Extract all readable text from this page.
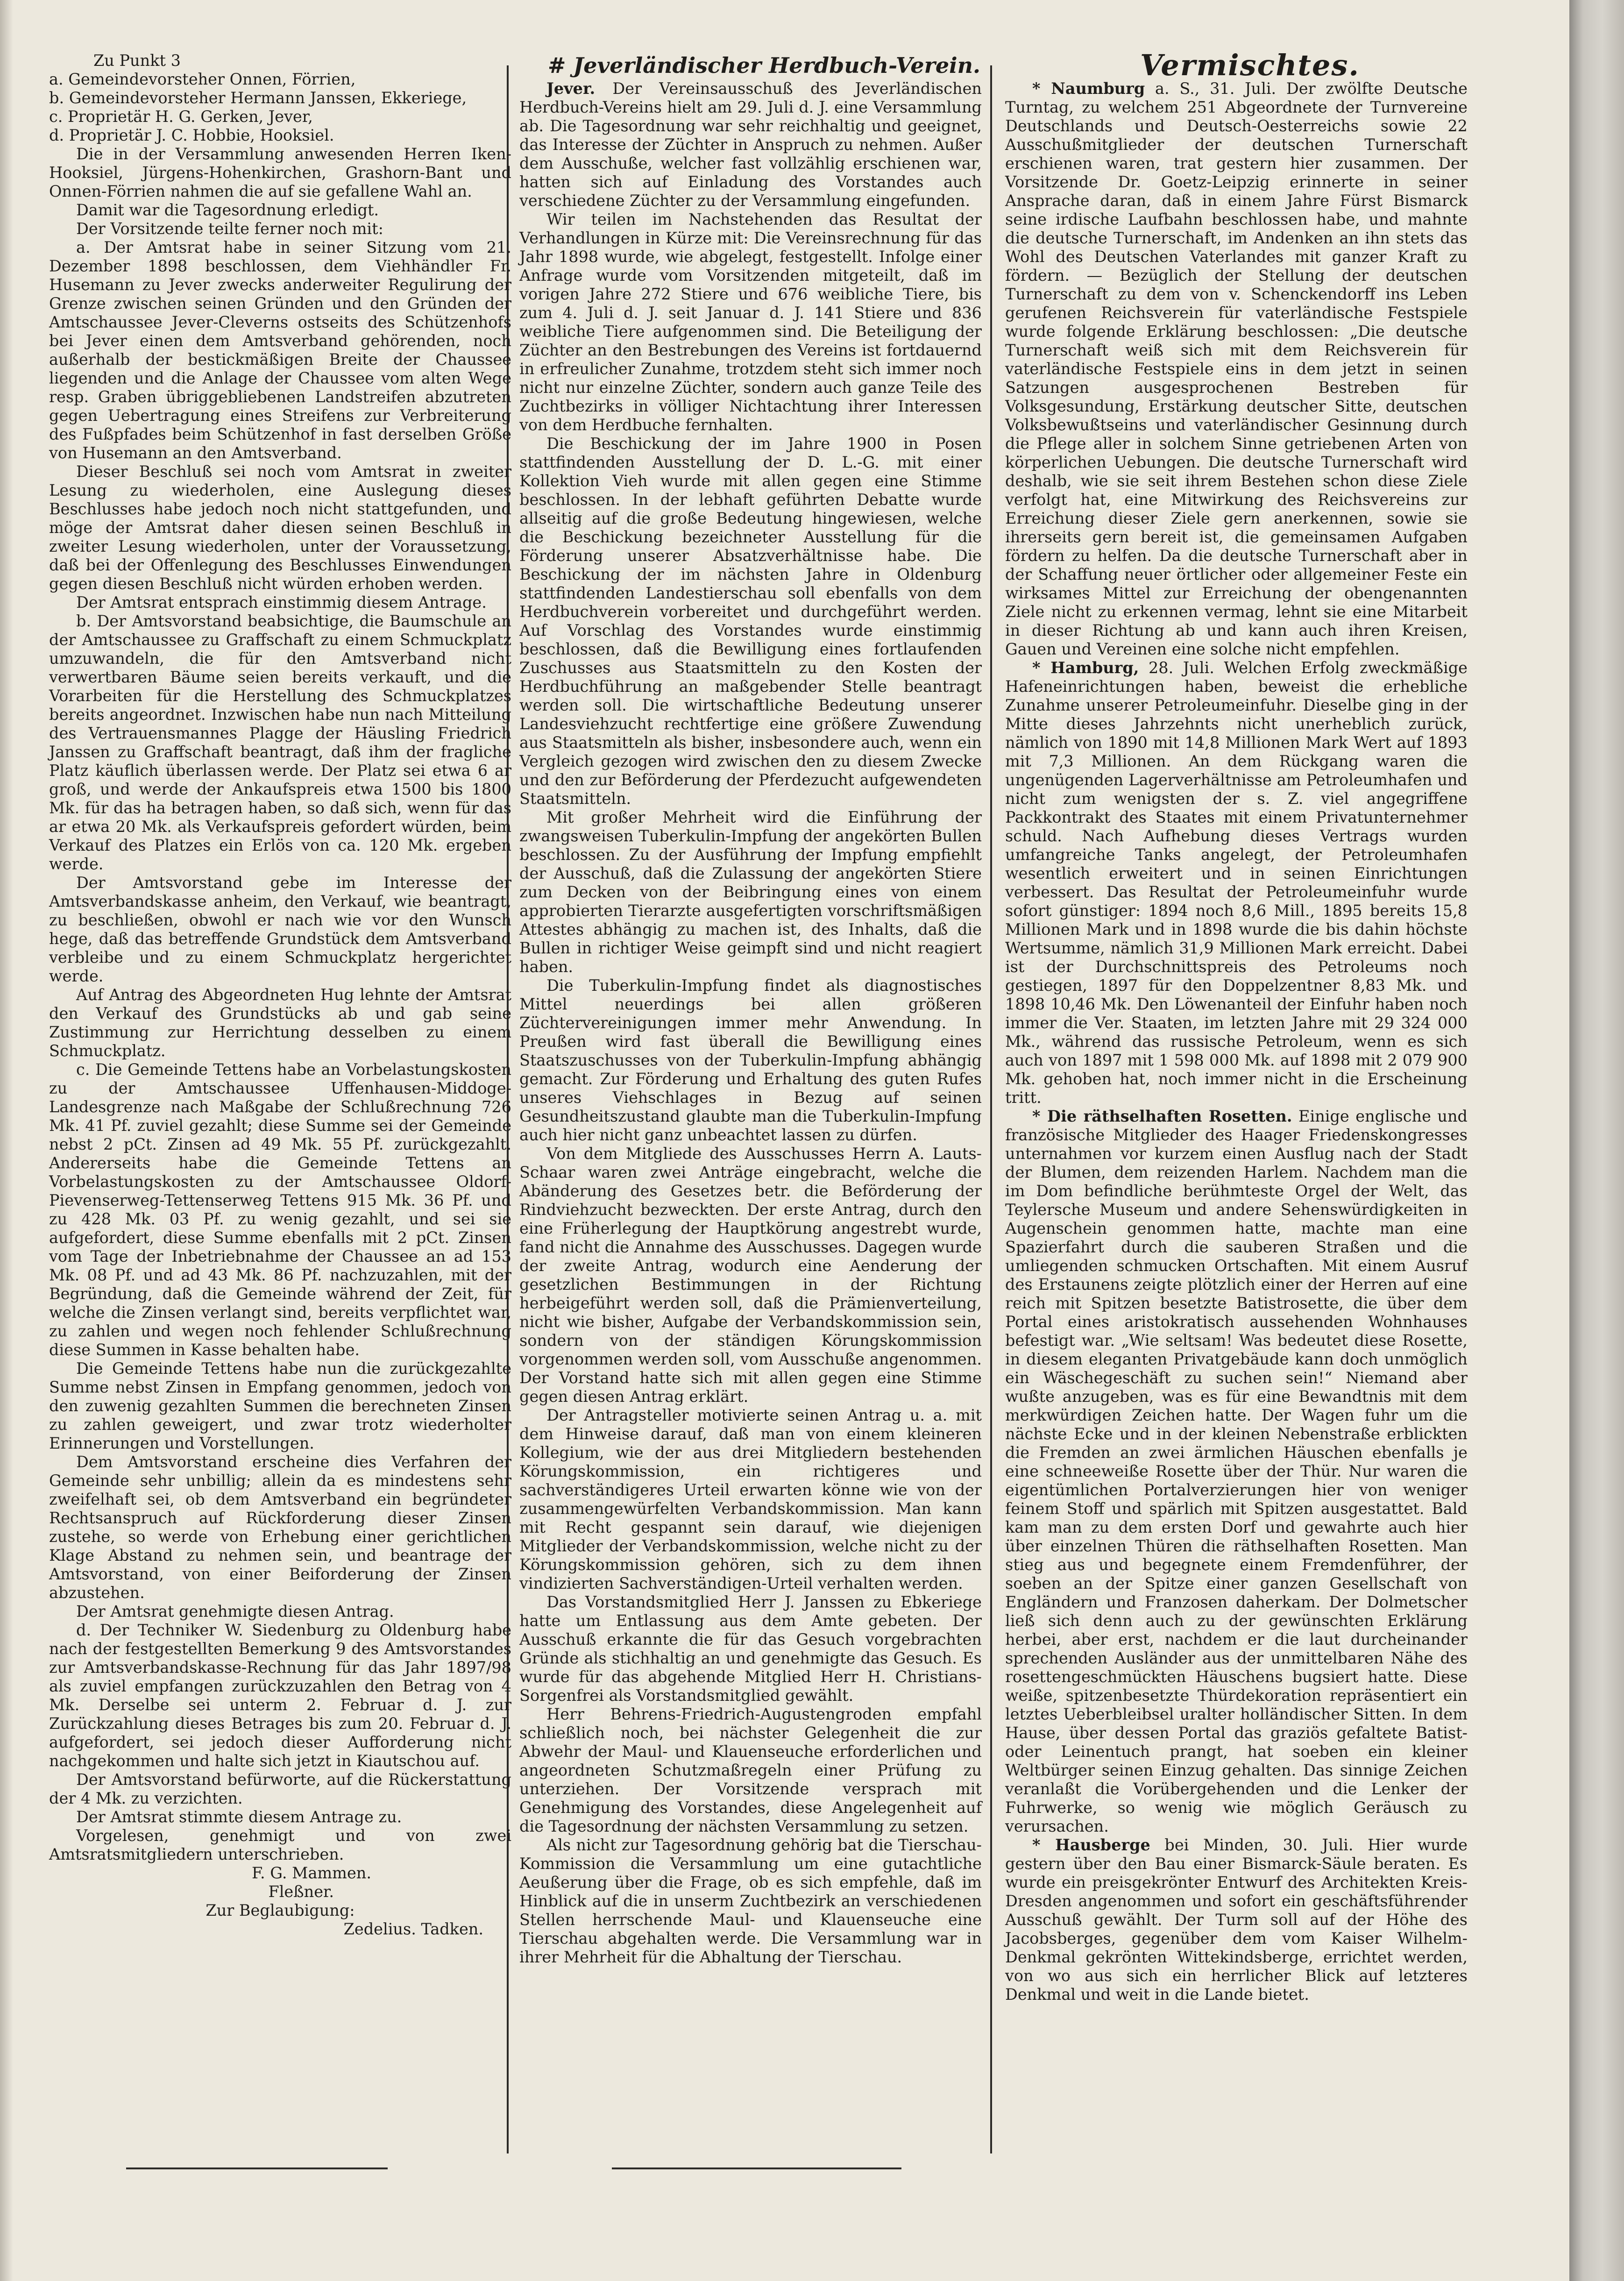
Zu Punkt 3

a. Gemeindevorsteher Onnen, Förrien,

b. Gemeindevorsteher Hermann Janssen, Ekkeriege,

c. Proprietär H. G. Gerken, Jever,

d. Proprietär J. C. Hobbie, Hooksiel.

Die in der Versammlung anwesenden Herren Iken-Hooksiel, Jürgens-Hohenkirchen, Grashorn-Bant und Onnen-Förrien nahmen die auf sie gefallene Wahl an.

Damit war die Tagesordnung erledigt.

Der Vorsitzende teilte ferner noch mit:

a. Der Amtsrat habe in seiner Sitzung vom 21. Dezember 1898 beschlossen, dem Viehhändler Fr. Husemann zu Jever zwecks anderweiter Regulirung der Grenze zwischen seinen Gründen und den Gründen der Amtschaussee Jever-Cleverns ostseits des Schützenhofs bei Jever einen dem Amtsverband gehörenden, noch außerhalb der bestickmäßigen Breite der Chaussee liegenden und die Anlage der Chaussee vom alten Wege resp. Graben übriggebliebenen Landstreifen abzutreten gegen Uebertragung eines Streifens zur Verbreiterung des Fußpfades beim Schützenhof in fast derselben Größe von Husemann an den Amtsverband.

Dieser Beschluß sei noch vom Amtsrat in zweiter Lesung zu wiederholen, eine Auslegung dieses Beschlusses habe jedoch noch nicht stattgefunden, und möge der Amtsrat daher diesen seinen Beschluß in zweiter Lesung wiederholen, unter der Voraussetzung, daß bei der Offenlegung des Beschlusses Einwendungen gegen diesen Beschluß nicht würden erhoben werden.

Der Amtsrat entsprach einstimmig diesem Antrage.

b. Der Amtsvorstand beabsichtige, die Baumschule an der Amtschaussee zu Graffschaft zu einem Schmuckplatz umzuwandeln, die für den Amtsverband nicht verwertbaren Bäume seien bereits verkauft, und die Vorarbeiten für die Herstellung des Schmuckplatzes bereits angeordnet. Inzwischen habe nun nach Mitteilung des Vertrauensmannes Plagge der Häusling Friedrich Janssen zu Graffschaft beantragt, daß ihm der fragliche Platz käuflich überlassen werde. Der Platz sei etwa 6 ar groß, und werde der Ankaufspreis etwa 1500 bis 1800 Mk. für das ha betragen haben, so daß sich, wenn für das ar etwa 20 Mk. als Verkaufspreis gefordert würden, beim Verkauf des Platzes ein Erlös von ca. 120 Mk. ergeben werde.

Der Amtsvorstand gebe im Interesse der Amtsverbandskasse anheim, den Verkauf, wie beantragt, zu beschließen, obwohl er nach wie vor den Wunsch hege, daß das betreffende Grundstück dem Amtsverband verbleibe und zu einem Schmuckplatz hergerichtet werde.

Auf Antrag des Abgeordneten Hug lehnte der Amtsrat den Verkauf des Grundstücks ab und gab seine Zustimmung zur Herrichtung desselben zu einem Schmuckplatz.

c. Die Gemeinde Tettens habe an Vorbelastungskosten zu der Amtschaussee Uffenhausen-Middoge-Landesgrenze nach Maßgabe der Schlußrechnung 726 Mk. 41 Pf. zuviel gezahlt; diese Summe sei der Gemeinde nebst 2 pCt. Zinsen ad 49 Mk. 55 Pf. zurückgezahlt. Andererseits habe die Gemeinde Tettens an Vorbelastungskosten zu der Amtschaussee Oldorf-Pievenserweg-Tettenserweg Tettens 915 Mk. 36 Pf. und zu 428 Mk. 03 Pf. zu wenig gezahlt, und sei sie aufgefordert, diese Summe ebenfalls mit 2 pCt. Zinsen vom Tage der Inbetriebnahme der Chaussee an ad 153 Mk. 08 Pf. und ad 43 Mk. 86 Pf. nachzuzahlen, mit der Begründung, daß die Gemeinde während der Zeit, für welche die Zinsen verlangt sind, bereits verpflichtet war, zu zahlen und wegen noch fehlender Schlußrechnung diese Summen in Kasse behalten habe.

Die Gemeinde Tettens habe nun die zurückgezahlte Summe nebst Zinsen in Empfang genommen, jedoch von den zuwenig gezahlten Summen die berechneten Zinsen zu zahlen geweigert, und zwar trotz wiederholter Erinnerungen und Vorstellungen.

Dem Amtsvorstand erscheine dies Verfahren der Gemeinde sehr unbillig; allein da es mindestens sehr zweifelhaft sei, ob dem Amtsverband ein begründeter Rechtsanspruch auf Rückforderung dieser Zinsen zustehe, so werde von Erhebung einer gerichtlichen Klage Abstand zu nehmen sein, und beantrage der Amtsvorstand, von einer Beiforderung der Zinsen abzustehen.

Der Amtsrat genehmigte diesen Antrag.

d. Der Techniker W. Siedenburg zu Oldenburg habe nach der festgestellten Bemerkung 9 des Amtsvorstandes zur Amtsverbandskasse-Rechnung für das Jahr 1897/98 als zuviel empfangen zurückzuzahlen den Betrag von 4 Mk. Derselbe sei unterm 2. Februar d. J. zur Zurückzahlung dieses Betrages bis zum 20. Februar d. J. aufgefordert, sei jedoch dieser Aufforderung nicht nachgekommen und halte sich jetzt in Kiautschou auf.

Der Amtsvorstand befürworte, auf die Rückerstattung der 4 Mk. zu verzichten.

Der Amtsrat stimmte diesem Antrage zu.

Vorgelesen, genehmigt und von zwei Amtsratsmitgliedern unterschrieben.

F. G. Mammen.

Fleßner.

Zur Beglaubigung:

Zedelius. Tadken.

# Jeverländischer Herdbuch-Verein.

Jever. Der Vereinsausschuß des Jeverländischen Herdbuch-Vereins hielt am 29. Juli d. J. eine Versammlung ab. Die Tagesordnung war sehr reichhaltig und geeignet, das Interesse der Züchter in Anspruch zu nehmen. Außer dem Ausschuße, welcher fast vollzählig erschienen war, hatten sich auf Einladung des Vorstandes auch verschiedene Züchter zu der Versammlung eingefunden.

Wir teilen im Nachstehenden das Resultat der Verhandlungen in Kürze mit: Die Vereinsrechnung für das Jahr 1898 wurde, wie abgelegt, festgestellt. Infolge einer Anfrage wurde vom Vorsitzenden mitgeteilt, daß im vorigen Jahre 272 Stiere und 676 weibliche Tiere, bis zum 4. Juli d. J. seit Januar d. J. 141 Stiere und 836 weibliche Tiere aufgenommen sind. Die Beteiligung der Züchter an den Bestrebungen des Vereins ist fortdauernd in erfreulicher Zunahme, trotzdem steht sich immer noch nicht nur einzelne Züchter, sondern auch ganze Teile des Zuchtbezirks in völliger Nichtachtung ihrer Interessen von dem Herdbuche fernhalten.

Die Beschickung der im Jahre 1900 in Posen stattfindenden Ausstellung der D. L.-G. mit einer Kollektion Vieh wurde mit allen gegen eine Stimme beschlossen. In der lebhaft geführten Debatte wurde allseitig auf die große Bedeutung hingewiesen, welche die Beschickung bezeichneter Ausstellung für die Förderung unserer Absatzverhältnisse habe. Die Beschickung der im nächsten Jahre in Oldenburg stattfindenden Landestierschau soll ebenfalls von dem Herdbuchverein vorbereitet und durchgeführt werden. Auf Vorschlag des Vorstandes wurde einstimmig beschlossen, daß die Bewilligung eines fortlaufenden Zuschusses aus Staatsmitteln zu den Kosten der Herdbuchführung an maßgebender Stelle beantragt werden soll. Die wirtschaftliche Bedeutung unserer Landesviehzucht rechtfertige eine größere Zuwendung aus Staatsmitteln als bisher, insbesondere auch, wenn ein Vergleich gezogen wird zwischen den zu diesem Zwecke und den zur Beförderung der Pferdezucht aufgewendeten Staatsmitteln.

Mit großer Mehrheit wird die Einführung der zwangsweisen Tuberkulin-Impfung der angekörten Bullen beschlossen. Zu der Ausführung der Impfung empfiehlt der Ausschuß, daß die Zulassung der angekörten Stiere zum Decken von der Beibringung eines von einem approbierten Tierarzte ausgefertigten vorschriftsmäßigen Attestes abhängig zu machen ist, des Inhalts, daß die Bullen in richtiger Weise geimpft sind und nicht reagiert haben.

Die Tuberkulin-Impfung findet als diagnostisches Mittel neuerdings bei allen größeren Züchtervereinigungen immer mehr Anwendung. In Preußen wird fast überall die Bewilligung eines Staatszuschusses von der Tuberkulin-Impfung abhängig gemacht. Zur Förderung und Erhaltung des guten Rufes unseres Viehschlages in Bezug auf seinen Gesundheitszustand glaubte man die Tuberkulin-Impfung auch hier nicht ganz unbeachtet lassen zu dürfen.

Von dem Mitgliede des Ausschusses Herrn A. Lauts-Schaar waren zwei Anträge eingebracht, welche die Abänderung des Gesetzes betr. die Beförderung der Rindviehzucht bezweckten. Der erste Antrag, durch den eine Früherlegung der Hauptkörung angestrebt wurde, fand nicht die Annahme des Ausschusses. Dagegen wurde der zweite Antrag, wodurch eine Aenderung der gesetzlichen Bestimmungen in der Richtung herbeigeführt werden soll, daß die Prämienverteilung, nicht wie bisher, Aufgabe der Verbandskommission sein, sondern von der ständigen Körungskommission vorgenommen werden soll, vom Ausschuße angenommen. Der Vorstand hatte sich mit allen gegen eine Stimme gegen diesen Antrag erklärt.

Der Antragsteller motivierte seinen Antrag u. a. mit dem Hinweise darauf, daß man von einem kleineren Kollegium, wie der aus drei Mitgliedern bestehenden Körungskommission, ein richtigeres und sachverständigeres Urteil erwarten könne wie von der zusammengewürfelten Verbandskommission. Man kann mit Recht gespannt sein darauf, wie diejenigen Mitglieder der Verbandskommission, welche nicht zu der Körungskommission gehören, sich zu dem ihnen vindizierten Sachverständigen-Urteil verhalten werden.

Das Vorstandsmitglied Herr J. Janssen zu Ebkeriege hatte um Entlassung aus dem Amte gebeten. Der Ausschuß erkannte die für das Gesuch vorgebrachten Gründe als stichhaltig an und genehmigte das Gesuch. Es wurde für das abgehende Mitglied Herr H. Christians-Sorgenfrei als Vorstandsmitglied gewählt.

Herr Behrens-Friedrich-Augustengroden empfahl schließlich noch, bei nächster Gelegenheit die zur Abwehr der Maul- und Klauenseuche erforderlichen und angeordneten Schutzmaßregeln einer Prüfung zu unterziehen. Der Vorsitzende versprach mit Genehmigung des Vorstandes, diese Angelegenheit auf die Tagesordnung der nächsten Versammlung zu setzen.

Als nicht zur Tagesordnung gehörig bat die Tierschau-Kommission die Versammlung um eine gutachtliche Aeußerung über die Frage, ob es sich empfehle, daß im Hinblick auf die in unserm Zuchtbezirk an verschiedenen Stellen herrschende Maul- und Klauenseuche eine Tierschau abgehalten werde. Die Versammlung war in ihrer Mehrheit für die Abhaltung der Tierschau.

Vermischtes.

* Naumburg a. S., 31. Juli. Der zwölfte Deutsche Turntag, zu welchem 251 Abgeordnete der Turnvereine Deutschlands und Deutsch-Oesterreichs sowie 22 Ausschußmitglieder der deutschen Turnerschaft erschienen waren, trat gestern hier zusammen. Der Vorsitzende Dr. Goetz-Leipzig erinnerte in seiner Ansprache daran, daß in einem Jahre Fürst Bismarck seine irdische Laufbahn beschlossen habe, und mahnte die deutsche Turnerschaft, im Andenken an ihn stets das Wohl des Deutschen Vaterlandes mit ganzer Kraft zu fördern. — Bezüglich der Stellung der deutschen Turnerschaft zu dem von v. Schenckendorff ins Leben gerufenen Reichsverein für vaterländische Festspiele wurde folgende Erklärung beschlossen: „Die deutsche Turnerschaft weiß sich mit dem Reichsverein für vaterländische Festspiele eins in dem jetzt in seinen Satzungen ausgesprochenen Bestreben für Volksgesundung, Erstärkung deutscher Sitte, deutschen Volksbewußtseins und vaterländischer Gesinnung durch die Pflege aller in solchem Sinne getriebenen Arten von körperlichen Uebungen. Die deutsche Turnerschaft wird deshalb, wie sie seit ihrem Bestehen schon diese Ziele verfolgt hat, eine Mitwirkung des Reichsvereins zur Erreichung dieser Ziele gern anerkennen, sowie sie ihrerseits gern bereit ist, die gemeinsamen Aufgaben fördern zu helfen. Da die deutsche Turnerschaft aber in der Schaffung neuer örtlicher oder allgemeiner Feste ein wirksames Mittel zur Erreichung der obengenannten Ziele nicht zu erkennen vermag, lehnt sie eine Mitarbeit in dieser Richtung ab und kann auch ihren Kreisen, Gauen und Vereinen eine solche nicht empfehlen.

* Hamburg, 28. Juli. Welchen Erfolg zweckmäßige Hafeneinrichtungen haben, beweist die erhebliche Zunahme unserer Petroleumeinfuhr. Dieselbe ging in der Mitte dieses Jahrzehnts nicht unerheblich zurück, nämlich von 1890 mit 14,8 Millionen Mark Wert auf 1893 mit 7,3 Millionen. An dem Rückgang waren die ungenügenden Lagerverhältnisse am Petroleumhafen und nicht zum wenigsten der s. Z. viel angegriffene Packkontrakt des Staates mit einem Privatunternehmer schuld. Nach Aufhebung dieses Vertrags wurden umfangreiche Tanks angelegt, der Petroleumhafen wesentlich erweitert und in seinen Einrichtungen verbessert. Das Resultat der Petroleumeinfuhr wurde sofort günstiger: 1894 noch 8,6 Mill., 1895 bereits 15,8 Millionen Mark und in 1898 wurde die bis dahin höchste Wertsumme, nämlich 31,9 Millionen Mark erreicht. Dabei ist der Durchschnittspreis des Petroleums noch gestiegen, 1897 für den Doppelzentner 8,83 Mk. und 1898 10,46 Mk. Den Löwenanteil der Einfuhr haben noch immer die Ver. Staaten, im letzten Jahre mit 29 324 000 Mk., während das russische Petroleum, wenn es sich auch von 1897 mit 1 598 000 Mk. auf 1898 mit 2 079 900 Mk. gehoben hat, noch immer nicht in die Erscheinung tritt.

* Die räthselhaften Rosetten. Einige englische und französische Mitglieder des Haager Friedenskongresses unternahmen vor kurzem einen Ausflug nach der Stadt der Blumen, dem reizenden Harlem. Nachdem man die im Dom befindliche berühmteste Orgel der Welt, das Teylersche Museum und andere Sehenswürdigkeiten in Augenschein genommen hatte, machte man eine Spazierfahrt durch die sauberen Straßen und die umliegenden schmucken Ortschaften. Mit einem Ausruf des Erstaunens zeigte plötzlich einer der Herren auf eine reich mit Spitzen besetzte Batistrosette, die über dem Portal eines aristokratisch aussehenden Wohnhauses befestigt war. „Wie seltsam! Was bedeutet diese Rosette, in diesem eleganten Privatgebäude kann doch unmöglich ein Wäschegeschäft zu suchen sein!“ Niemand aber wußte anzugeben, was es für eine Bewandtnis mit dem merkwürdigen Zeichen hatte. Der Wagen fuhr um die nächste Ecke und in der kleinen Nebenstraße erblickten die Fremden an zwei ärmlichen Häuschen ebenfalls je eine schneeweiße Rosette über der Thür. Nur waren die eigentümlichen Portalverzierungen hier von weniger feinem Stoff und spärlich mit Spitzen ausgestattet. Bald kam man zu dem ersten Dorf und gewahrte auch hier über einzelnen Thüren die räthselhaften Rosetten. Man stieg aus und begegnete einem Fremdenführer, der soeben an der Spitze einer ganzen Gesellschaft von Engländern und Franzosen daherkam. Der Dolmetscher ließ sich denn auch zu der gewünschten Erklärung herbei, aber erst, nachdem er die laut durcheinander sprechenden Ausländer aus der unmittelbaren Nähe des rosettengeschmückten Häuschens bugsiert hatte. Diese weiße, spitzenbesetzte Thürdekoration repräsentiert ein letztes Ueberbleibsel uralter holländischer Sitten. In dem Hause, über dessen Portal das graziös gefaltete Batist- oder Leinentuch prangt, hat soeben ein kleiner Weltbürger seinen Einzug gehalten. Das sinnige Zeichen veranlaßt die Vorübergehenden und die Lenker der Fuhrwerke, so wenig wie möglich Geräusch zu verursachen.

* Hausberge bei Minden, 30. Juli. Hier wurde gestern über den Bau einer Bismarck-Säule beraten. Es wurde ein preisgekrönter Entwurf des Architekten Kreis-Dresden angenommen und sofort ein geschäftsführender Ausschuß gewählt. Der Turm soll auf der Höhe des Jacobsberges, gegenüber dem vom Kaiser Wilhelm-Denkmal gekrönten Wittekindsberge, errichtet werden, von wo aus sich ein herrlicher Blick auf letzteres Denkmal und weit in die Lande bietet.
